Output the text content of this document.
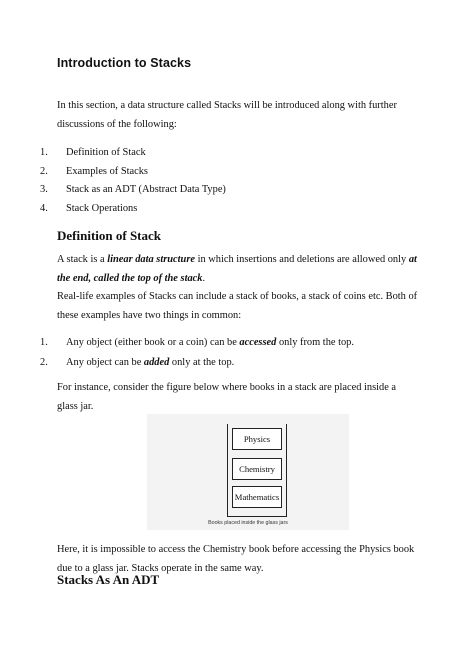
Introduction to Stacks
In this section, a data structure called Stacks will be introduced along with further discussions of the following:
1.	Definition of Stack
2.	Examples of Stacks
3.	Stack as an ADT (Abstract Data Type)
4.	Stack Operations
Definition of Stack
A stack is a linear data structure in which insertions and deletions are allowed only at the end, called the top of the stack.
Real-life examples of Stacks can include a stack of books, a stack of coins etc. Both of these examples have two things in common:
1.	Any object (either book or a coin) can be accessed only from the top.
2.	Any object can be added only at the top.
For instance, consider the figure below where books in a stack are placed inside a glass jar.
Physics
Chemistry
Mathematics
Books placed inside the glass jars
Here, it is impossible to access the Chemistry book before accessing the Physics book due to a glass jar. Stacks operate in the same way.
Stacks As An ADT
